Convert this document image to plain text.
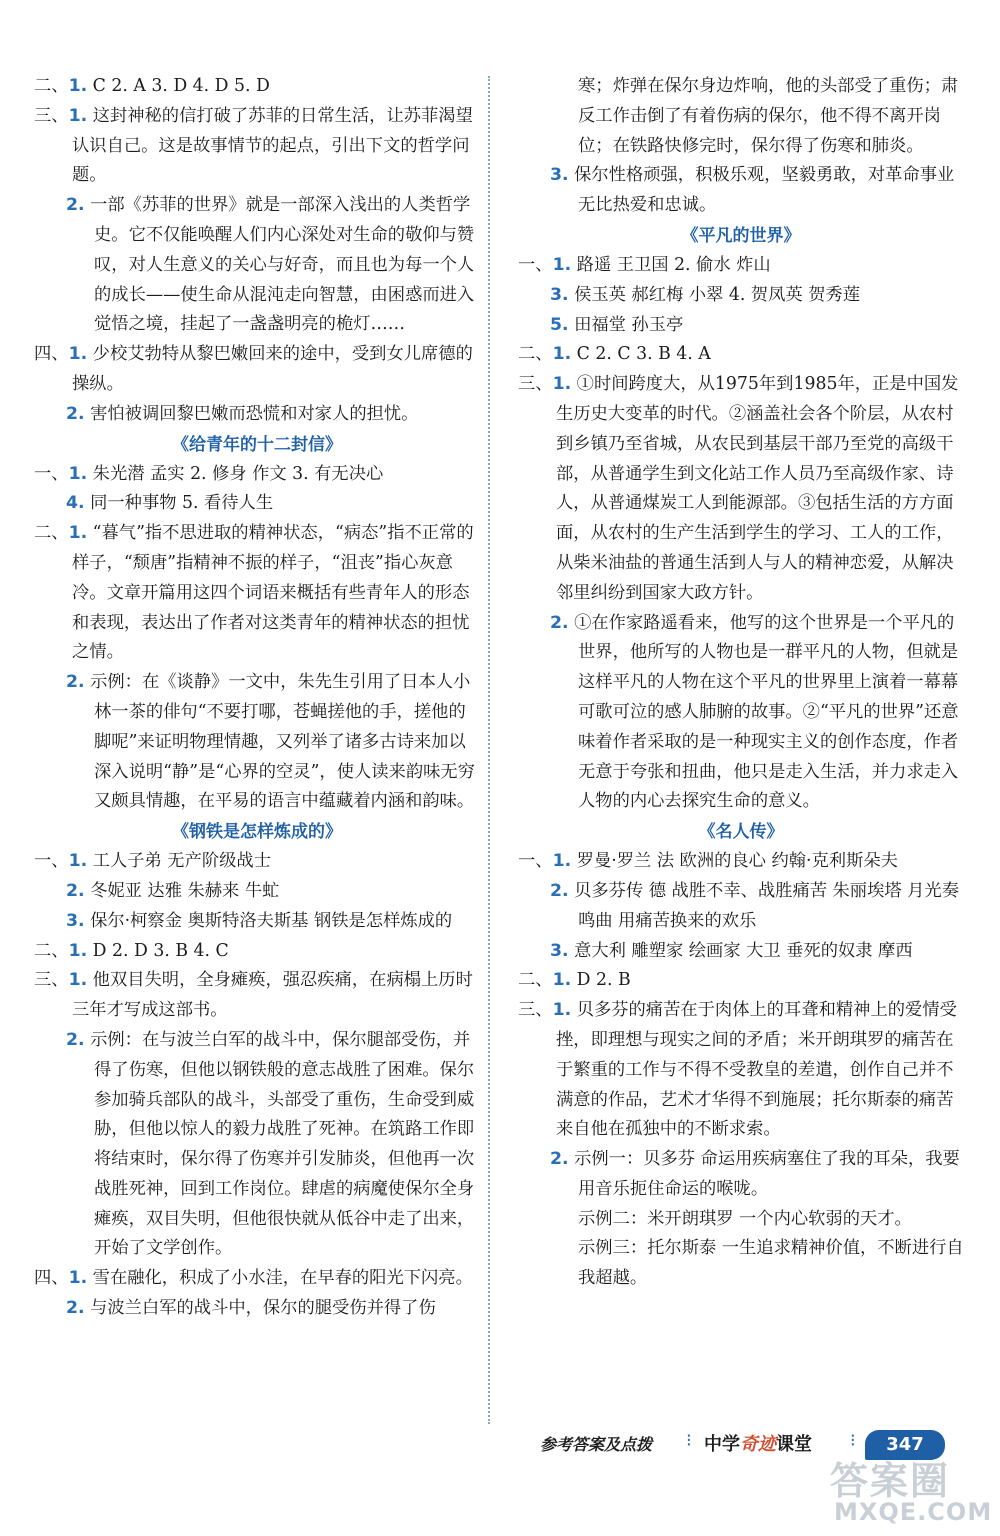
二、1. C 2. A 3. D 4. D 5. D

三、1. 这封神秘的信打破了苏菲的日常生活，让苏菲渴望认识自己。这是故事情节的起点，引出下文的哲学问题。

2. 一部《苏菲的世界》就是一部深入浅出的人类哲学史。它不仅能唤醒人们内心深处对生命的敬仰与赞叹，对人生意义的关心与好奇，而且也为每一个人的成长——使生命从混沌走向智慧，由困惑而进入觉悟之境，挂起了一盏盏明亮的桅灯……

四、1. 少校艾勃特从黎巴嫩回来的途中，受到女儿席德的操纵。

2. 害怕被调回黎巴嫩而恐慌和对家人的担忧。

《给青年的十二封信》

一、1. 朱光潜 孟实 2. 修身 作文 3. 有无决心

4. 同一种事物 5. 看待人生

二、1. “暮气”指不思进取的精神状态，“病态”指不正常的样子，“颓唐”指精神不振的样子，“沮丧”指心灰意冷。文章开篇用这四个词语来概括有些青年人的形态和表现，表达出了作者对这类青年的精神状态的担忧之情。

2. 示例：在《谈静》一文中，朱先生引用了日本人小林一茶的俳句“不要打哪，苍蝇搓他的手，搓他的脚呢”来证明物理情趣，又列举了诸多古诗来加以深入说明“静”是“心界的空灵”，使人读来韵味无穷又颇具情趣，在平易的语言中蕴藏着内涵和韵味。

《钢铁是怎样炼成的》

一、1. 工人子弟 无产阶级战士

2. 冬妮亚 达雅 朱赫来 牛虻

3. 保尔·柯察金 奥斯特洛夫斯基 钢铁是怎样炼成的

二、1. D 2. D 3. B 4. C

三、1. 他双目失明，全身瘫痪，强忍疾痛，在病榻上历时三年才写成这部书。

2. 示例：在与波兰白军的战斗中，保尔腿部受伤，并得了伤寒，但他以钢铁般的意志战胜了困难。保尔参加骑兵部队的战斗，头部受了重伤，生命受到威胁，但他以惊人的毅力战胜了死神。在筑路工作即将结束时，保尔得了伤寒并引发肺炎，但他再一次战胜死神，回到工作岗位。肆虐的病魔使保尔全身瘫痪，双目失明，但他很快就从低谷中走了出来，开始了文学创作。

四、1. 雪在融化，积成了小水洼，在早春的阳光下闪亮。

2. 与波兰白军的战斗中，保尔的腿受伤并得了伤

寒；炸弹在保尔身边炸响，他的头部受了重伤；肃反工作击倒了有着伤病的保尔，他不得不离开岗位；在铁路快修完时，保尔得了伤寒和肺炎。

3. 保尔性格顽强，积极乐观，坚毅勇敢，对革命事业无比热爱和忠诚。

《平凡的世界》

一、1. 路遥 王卫国 2. 偷水 炸山

3. 侯玉英 郝红梅 小翠 4. 贺凤英 贺秀莲

5. 田福堂 孙玉亭

二、1. C 2. C 3. B 4. A

三、1. ①时间跨度大，从1975年到1985年，正是中国发生历史大变革的时代。②涵盖社会各个阶层，从农村到乡镇乃至省城，从农民到基层干部乃至党的高级干部，从普通学生到文化站工作人员乃至高级作家、诗人，从普通煤炭工人到能源部。③包括生活的方方面面，从农村的生产生活到学生的学习、工人的工作，从柴米油盐的普通生活到人与人的精神恋爱，从解决邻里纠纷到国家大政方针。

2. ①在作家路遥看来，他写的这个世界是一个平凡的世界，他所写的人物也是一群平凡的人物，但就是这样平凡的人物在这个平凡的世界里上演着一幕幕可歌可泣的感人肺腑的故事。②“平凡的世界”还意味着作者采取的是一种现实主义的创作态度，作者无意于夸张和扭曲，他只是走入生活，并力求走入人物的内心去探究生命的意义。

《名人传》

一、1. 罗曼·罗兰 法 欧洲的良心 约翰·克利斯朵夫

2. 贝多芬传 德 战胜不幸、战胜痛苦 朱丽埃塔 月光奏鸣曲 用痛苦换来的欢乐

3. 意大利 雕塑家 绘画家 大卫 垂死的奴隶 摩西

二、1. D 2. B

三、1. 贝多芬的痛苦在于肉体上的耳聋和精神上的爱情受挫，即理想与现实之间的矛盾；米开朗琪罗的痛苦在于繁重的工作与不得不受教皇的差遣，创作自己并不满意的作品，艺术才华得不到施展；托尔斯泰的痛苦来自他在孤独中的不断求索。

2. 示例一：贝多芬 命运用疾病塞住了我的耳朵，我要用音乐扼住命运的喉咙。

示例二：米开朗琪罗 一个内心软弱的天才。

示例三：托尔斯泰 一生追求精神价值，不断进行自我超越。

参考答案及点拨 ⁝ 中学奇迹课堂 ⁝	347
答案圈
MXQE.COM
